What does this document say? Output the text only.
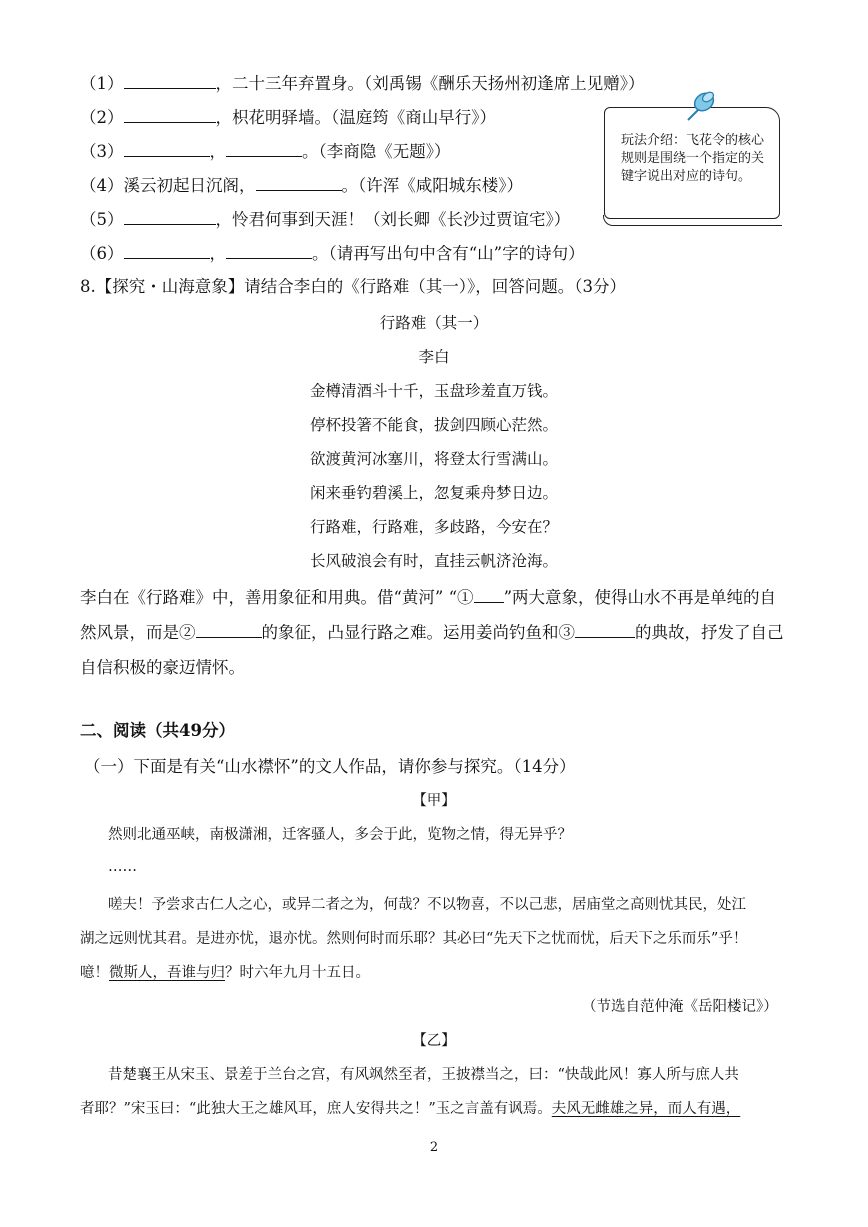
（1）	，二十三年弃置身。（刘禹锡《酬乐天扬州初逢席上见赠》）
（2）	，枳花明驿墙。（温庭筠《商山早行》）
（3）	，	。（李商隐《无题》）
（4）溪云初起日沉阁，	。（许浑《咸阳城东楼》）
（5）	，怜君何事到天涯！（刘长卿《长沙过贾谊宅》）
（6）	，	。（请再写出句中含有“山”字的诗句）
玩法介绍：飞花令的核心规则是围绕一个指定的关键字说出对应的诗句。
8.【探究・山海意象】请结合李白的《行路难（其一）》，回答问题。（3分）
行路难（其一）
李白
金樽清酒斗十千，玉盘珍羞直万钱。
停杯投箸不能食，拔剑四顾心茫然。
欲渡黄河冰塞川，将登太行雪满山。
闲来垂钓碧溪上，忽复乘舟梦日边。
行路难，行路难，多歧路，今安在？
长风破浪会有时，直挂云帆济沧海。
李白在《行路难》中，善用象征和用典。借“黄河” “① ”两大意象，使得山水不再是单纯的自然风景，而是②	的象征，凸显行路之难。运用姜尚钓鱼和③	的典故，抒发了自己自信积极的豪迈情怀。
二、阅读（共49分）
（一）下面是有关“山水襟怀”的文人作品，请你参与探究。（14分）
【甲】
然则北通巫峡，南极潇湘，迁客骚人，多会于此，览物之情，得无异乎？
……
嗟夫！予尝求古仁人之心，或异二者之为，何哉？不以物喜，不以己悲，居庙堂之高则忧其民，处江
湖之远则忧其君。是进亦忧，退亦忧。然则何时而乐耶？其必曰“先天下之忧而忧，后天下之乐而乐”乎！
噫！微斯人，吾谁与归？时六年九月十五日。
（节选自范仲淹《岳阳楼记》）
【乙】
昔楚襄王从宋玉、景差于兰台之宫，有风飒然至者，王披襟当之，曰：“快哉此风！寡人所与庶人共
者耶？”宋玉曰：“此独大王之雄风耳，庶人安得共之！”玉之言盖有讽焉。夫风无雌雄之异，而人有遇，
2
